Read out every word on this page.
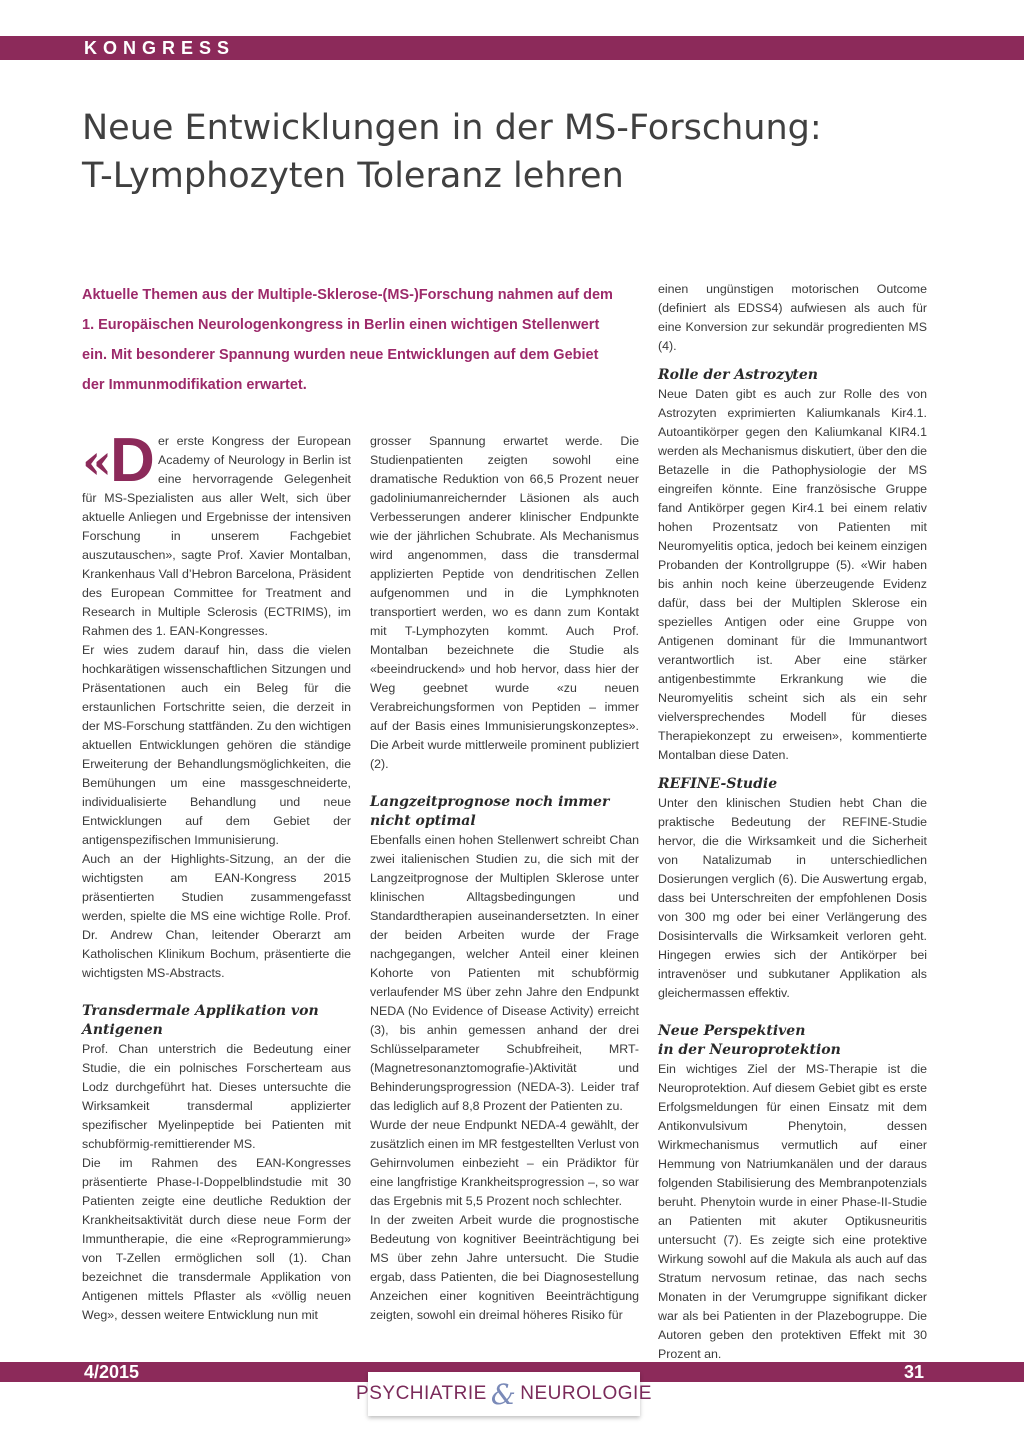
KONGRESS
Neue Entwicklungen in der MS-Forschung:
T-Lymphozyten Toleranz lehren
Aktuelle Themen aus der Multiple-Sklerose-(MS-)Forschung nahmen auf dem 1. Europäischen Neurologenkongress in Berlin einen wichtigen Stellenwert ein. Mit besonderer Spannung wurden neue Entwicklungen auf dem Gebiet der Immunmodifikation erwartet.

«
D er erste Kongress der European Academy of Neurology in Berlin ist eine hervorragende Gelegenheit für MS-Spezialisten aus aller Welt, sich über aktuelle Anliegen und Ergebnisse der intensiven Forschung in unserem Fachgebiet auszutauschen», sagte Prof. Xavier Montalban, Krankenhaus Vall d’Hebron Barcelona, Präsident des European Committee for Treatment and Research in Multiple Sclerosis (ECTRIMS), im Rahmen des 1. EAN-Kongresses.

Er wies zudem darauf hin, dass die vielen hochkarätigen wissenschaftlichen Sitzungen und Präsentationen auch ein Beleg für die erstaunlichen Fortschritte seien, die derzeit in der MS-Forschung stattfänden. Zu den wichtigen aktuellen Entwicklungen gehören die ständige Erweiterung der Behandlungsmöglichkeiten, die Bemühungen um eine massgeschneiderte, individualisierte Behandlung und neue Entwicklungen auf dem Gebiet der antigenspezifischen Immunisierung.

Auch an der Highlights-Sitzung, an der die wichtigsten am EAN-Kongress 2015 präsentierten Studien zusammengefasst werden, spielte die MS eine wichtige Rolle. Prof. Dr. Andrew Chan, leitender Oberarzt am Katholischen Klinikum Bochum, präsentierte die wichtigsten MS-Abstracts.

Transdermale Applikation von Antigenen

Prof. Chan unterstrich die Bedeutung einer Studie, die ein polnisches Forscherteam aus Lodz durchgeführt hat. Dieses untersuchte die Wirksamkeit transdermal applizierter spezifischer Myelinpeptide bei Patienten mit schubförmig-remittierender MS.

Die im Rahmen des EAN-Kongresses präsentierte Phase-I-Doppelblindstudie mit 30 Patienten zeigte eine deutliche Reduktion der Krankheitsaktivität durch diese neue Form der Immuntherapie, die eine «Reprogrammierung» von T-Zellen ermöglichen soll (1). Chan bezeichnet die transdermale Applikation von Antigenen mittels Pflaster als «völlig neuen Weg», dessen weitere Entwicklung nun mit

grosser Spannung erwartet werde. Die Studienpatienten zeigten sowohl eine dramatische Reduktion von 66,5 Prozent neuer gadoliniumanreichernder Läsionen als auch Verbesserungen anderer klinischer Endpunkte wie der jährlichen Schubrate. Als Mechanismus wird angenommen, dass die transdermal applizierten Peptide von dendritischen Zellen aufgenommen und in die Lymphknoten transportiert werden, wo es dann zum Kontakt mit T-Lymphozyten kommt. Auch Prof. Montalban bezeichnete die Studie als «beeindruckend» und hob hervor, dass hier der Weg geebnet wurde «zu neuen Verabreichungsformen von Peptiden – immer auf der Basis eines Immunisierungskonzeptes». Die Arbeit wurde mittlerweile prominent publiziert (2).

Langzeitprognose noch immer nicht optimal

Ebenfalls einen hohen Stellenwert schreibt Chan zwei italienischen Studien zu, die sich mit der Langzeitprognose der Multiplen Sklerose unter klinischen Alltagsbedingungen und Standardtherapien auseinandersetzten. In einer der beiden Arbeiten wurde der Frage nachgegangen, welcher Anteil einer kleinen Kohorte von Patienten mit schubförmig verlaufender MS über zehn Jahre den Endpunkt NEDA (No Evidence of Disease Activity) erreicht (3), bis anhin gemessen anhand der drei Schlüsselparameter Schubfreiheit, MRT-(Magnetresonanztomografie-)Aktivität und Behinderungsprogression (NEDA-3). Leider traf das lediglich auf 8,8 Prozent der Patienten zu.

Wurde der neue Endpunkt NEDA-4 gewählt, der zusätzlich einen im MR festgestellten Verlust von Gehirnvolumen einbezieht – ein Prädiktor für eine langfristige Krankheitsprogression –, so war das Ergebnis mit 5,5 Prozent noch schlechter.

In der zweiten Arbeit wurde die prognostische Bedeutung von kognitiver Beeinträchtigung bei MS über zehn Jahre untersucht. Die Studie ergab, dass Patienten, die bei Diagnosestellung Anzeichen einer kognitiven Beeinträchtigung zeigten, sowohl ein dreimal höheres Risiko für

einen ungünstigen motorischen Outcome (definiert als EDSS4) aufwiesen als auch für eine Konversion zur sekundär progredienten MS (4).

Rolle der Astrozyten

Neue Daten gibt es auch zur Rolle des von Astrozyten exprimierten Kaliumkanals Kir4.1. Autoantikörper gegen den Kaliumkanal KIR4.1 werden als Mechanismus diskutiert, über den die Betazelle in die Pathophysiologie der MS eingreifen könnte. Eine französische Gruppe fand Antikörper gegen Kir4.1 bei einem relativ hohen Prozentsatz von Patienten mit Neuromyelitis optica, jedoch bei keinem einzigen Probanden der Kontrollgruppe (5). «Wir haben bis anhin noch keine überzeugende Evidenz dafür, dass bei der Multiplen Sklerose ein spezielles Antigen oder eine Gruppe von Antigenen dominant für die Immunantwort verantwortlich ist. Aber eine stärker antigenbestimmte Erkrankung wie die Neuromyelitis scheint sich als ein sehr vielversprechendes Modell für dieses Therapiekonzept zu erweisen», kommentierte Montalban diese Daten.

REFINE-Studie

Unter den klinischen Studien hebt Chan die praktische Bedeutung der REFINE-Studie hervor, die die Wirksamkeit und die Sicherheit von Natalizumab in unterschiedlichen Dosierungen verglich (6). Die Auswertung ergab, dass bei Unterschreiten der empfohlenen Dosis von 300 mg oder bei einer Verlängerung des Dosisintervalls die Wirksamkeit verloren geht. Hingegen erwies sich der Antikörper bei intravenöser und subkutaner Applikation als gleichermassen effektiv.

Neue Perspektiven
in der Neuroprotektion

Ein wichtiges Ziel der MS-Therapie ist die Neuroprotektion. Auf diesem Gebiet gibt es erste Erfolgsmeldungen für einen Einsatz mit dem Antikonvulsivum Phenytoin, dessen Wirkmechanismus vermutlich auf einer Hemmung von Natriumkanälen und der daraus folgenden Stabilisierung des Membranpotenzials beruht. Phenytoin wurde in einer Phase-II-Studie an Patienten mit akuter Optikusneuritis untersucht (7). Es zeigte sich eine protektive Wirkung sowohl auf die Makula als auch auf das Stratum nervosum retinae, das nach sechs Monaten in der Verumgruppe signifikant dicker war als bei Patienten in der Plazebogruppe. Die Autoren geben den protektiven Effekt mit 30 Prozent an.

4/2015	31
PSYCHIATRIE & NEUROLOGIE
